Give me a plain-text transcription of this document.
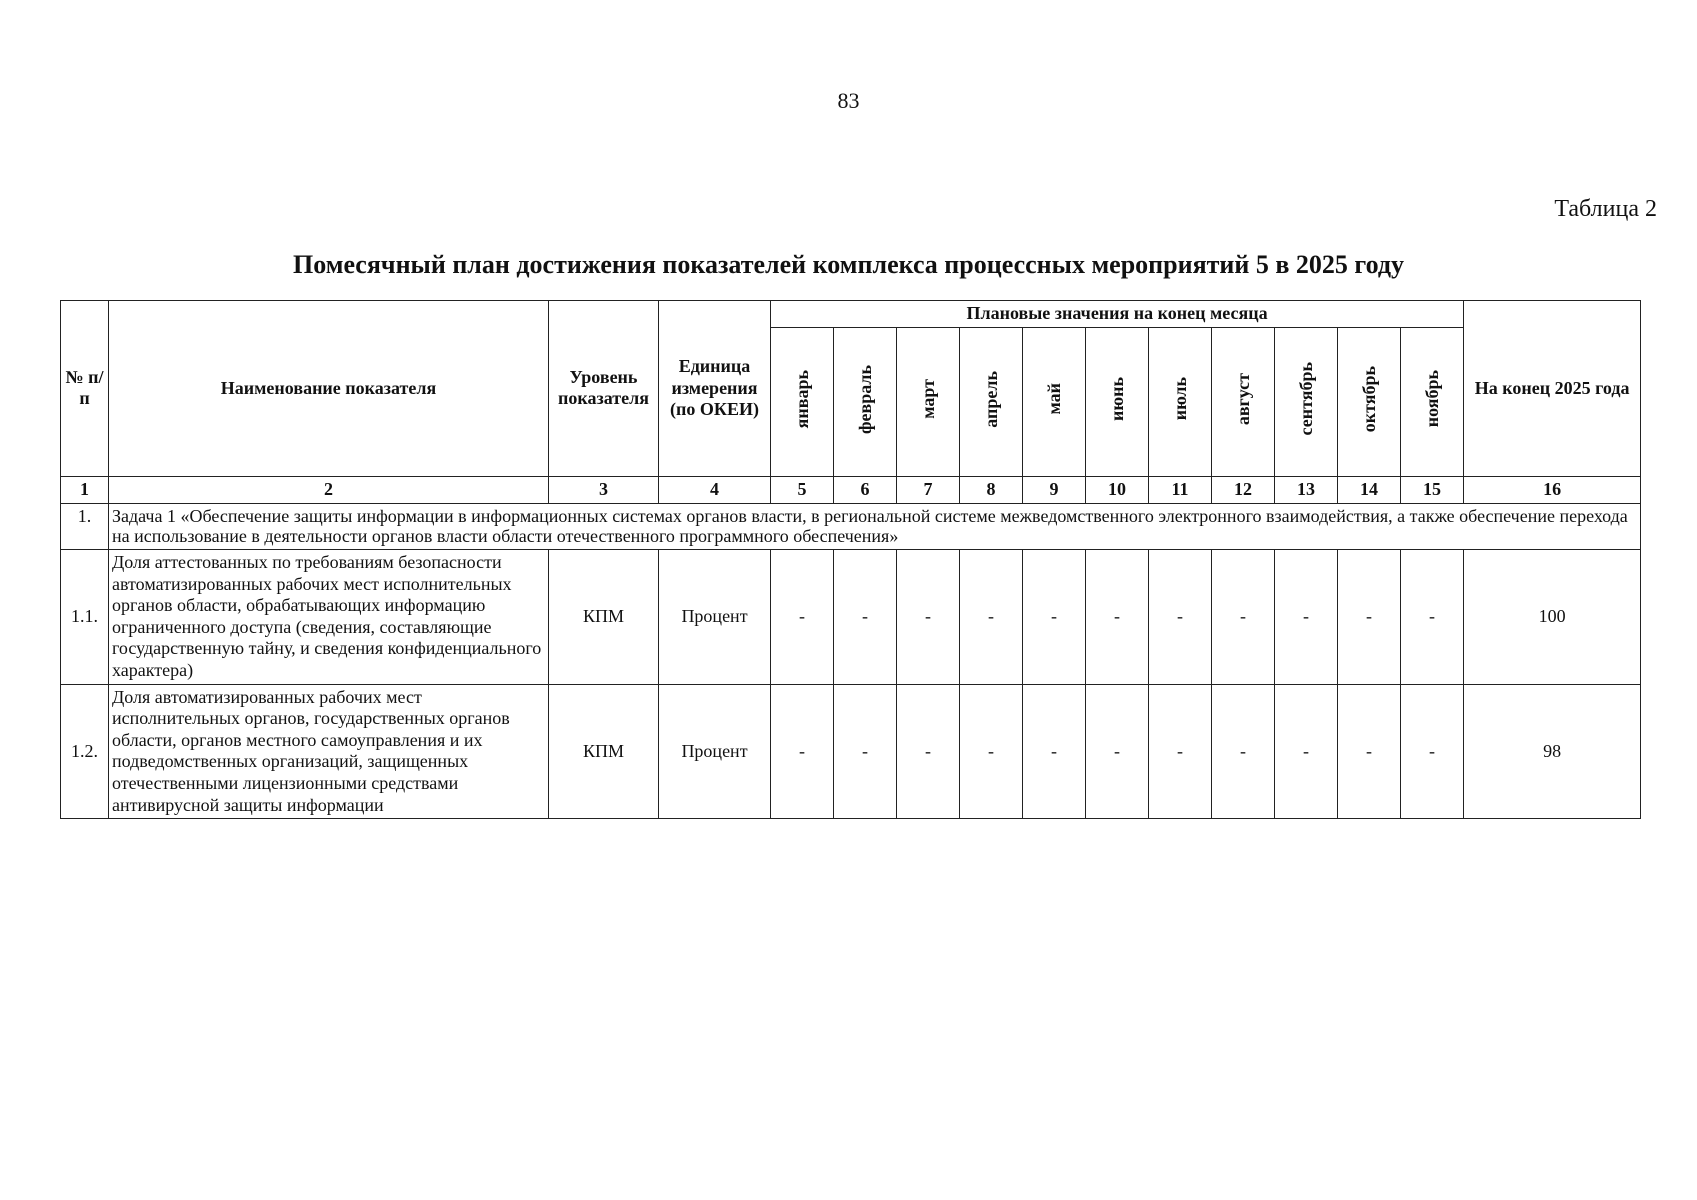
83
Таблица 2
Помесячный план достижения показателей комплекса процессных мероприятий 5 в 2025 году
№ п/п	Наименование показателя	Уровень показателя	Единица измерения (по ОКЕИ)	Плановые значения на конец месяца											На конец 2025 года
				январь	февраль	март	апрель	май	июнь	июль	август	сентябрь	октябрь	ноябрь	
1	2	3	4	5	6	7	8	9	10	11	12	13	14	15	16
1.	Задача 1 «Обеспечение защиты информации в информационных системах органов власти, в региональной системе межведомственного электронного взаимодействия, а также обеспечение перехода на использование в деятельности органов власти области отечественного программного обеспечения»														
1.1.	Доля аттестованных по требованиям безопасности автоматизированных рабочих мест исполнительных органов области, обрабатывающих информацию ограниченного доступа (сведения, составляющие государственную тайну, и сведения конфиденциального характера)	КПМ	Процент	-	-	-	-	-	-	-	-	-	-	-	100
1.2.	Доля автоматизированных рабочих мест исполнительных органов, государственных органов области, органов местного самоуправления и их подведомственных организаций, защищенных отечественными лицензионными средствами антивирусной защиты информации	КПМ	Процент	-	-	-	-	-	-	-	-	-	-	-	98
